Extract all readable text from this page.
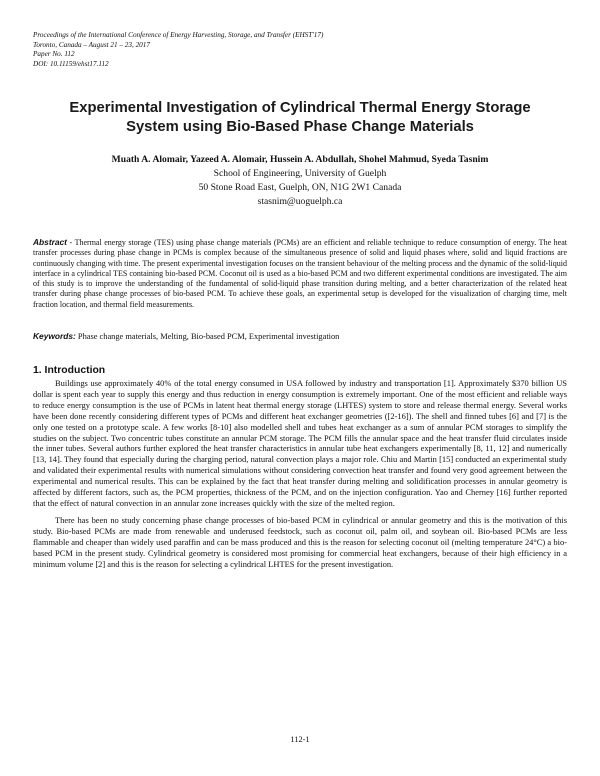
Proceedings of the International Conference of Energy Harvesting, Storage, and Transfer (EHST'17)
Toronto, Canada – August 21 – 23, 2017
Paper No. 112
DOI: 10.11159/ehst17.112
Experimental Investigation of Cylindrical Thermal Energy Storage
System using Bio-Based Phase Change Materials
Muath A. Alomair, Yazeed A. Alomair, Hussein A. Abdullah, Shohel Mahmud, Syeda Tasnim
School of Engineering, University of Guelph
50 Stone Road East, Guelph, ON, N1G 2W1 Canada
stasnim@uoguelph.ca
Abstract - Thermal energy storage (TES) using phase change materials (PCMs) are an efficient and reliable technique to reduce consumption of energy. The heat transfer processes during phase change in PCMs is complex because of the simultaneous presence of solid and liquid phases where, solid and liquid fractions are continuously changing with time. The present experimental investigation focuses on the transient behaviour of the melting process and the dynamic of the solid-liquid interface in a cylindrical TES containing bio-based PCM. Coconut oil is used as a bio-based PCM and two different experimental conditions are investigated. The aim of this study is to improve the understanding of the fundamental of solid-liquid phase transition during melting, and a better characterization of the related heat transfer during phase change processes of bio-based PCM. To achieve these goals, an experimental setup is developed for the visualization of charging time, melt fraction location, and thermal field measurements.
Keywords: Phase change materials, Melting, Bio-based PCM, Experimental investigation
1. Introduction

Buildings use approximately 40% of the total energy consumed in USA followed by industry and transportation [1]. Approximately $370 billion US dollar is spent each year to supply this energy and thus reduction in energy consumption is extremely important. One of the most efficient and reliable ways to reduce energy consumption is the use of PCMs in latent heat thermal energy storage (LHTES) system to store and release thermal energy. Several works have been done recently considering different types of PCMs and different heat exchanger geometries ([2-16]). The shell and finned tubes [6] and [7] is the only one tested on a prototype scale. A few works [8-10] also modelled shell and tubes heat exchanger as a sum of annular PCM storages to simplify the studies on the subject. Two concentric tubes constitute an annular PCM storage. The PCM fills the annular space and the heat transfer fluid circulates inside the inner tubes. Several authors further explored the heat transfer characteristics in annular tube heat exchangers experimentally [8, 11, 12] and numerically [13, 14]. They found that especially during the charging period, natural convection plays a major role. Chiu and Martin [15] conducted an experimental study and validated their experimental results with numerical simulations without considering convection heat transfer and found very good agreement between the experimental and numerical results. This can be explained by the fact that heat transfer during melting and solidification processes in annular geometry is affected by different factors, such as, the PCM properties, thickness of the PCM, and on the injection configuration. Yao and Cherney [16] further reported that the effect of natural convection in an annular zone increases quickly with the size of the melted region.

There has been no study concerning phase change processes of bio-based PCM in cylindrical or annular geometry and this is the motivation of this study. Bio-based PCMs are made from renewable and underused feedstock, such as coconut oil, palm oil, and soybean oil. Bio-based PCMs are less flammable and cheaper than widely used paraffin and can be mass produced and this is the reason for selecting coconut oil (melting temperature 24°C) a bio-based PCM in the present study. Cylindrical geometry is considered most promising for commercial heat exchangers, because of their high efficiency in a minimum volume [2] and this is the reason for selecting a cylindrical LHTES for the present investigation.

112-1
